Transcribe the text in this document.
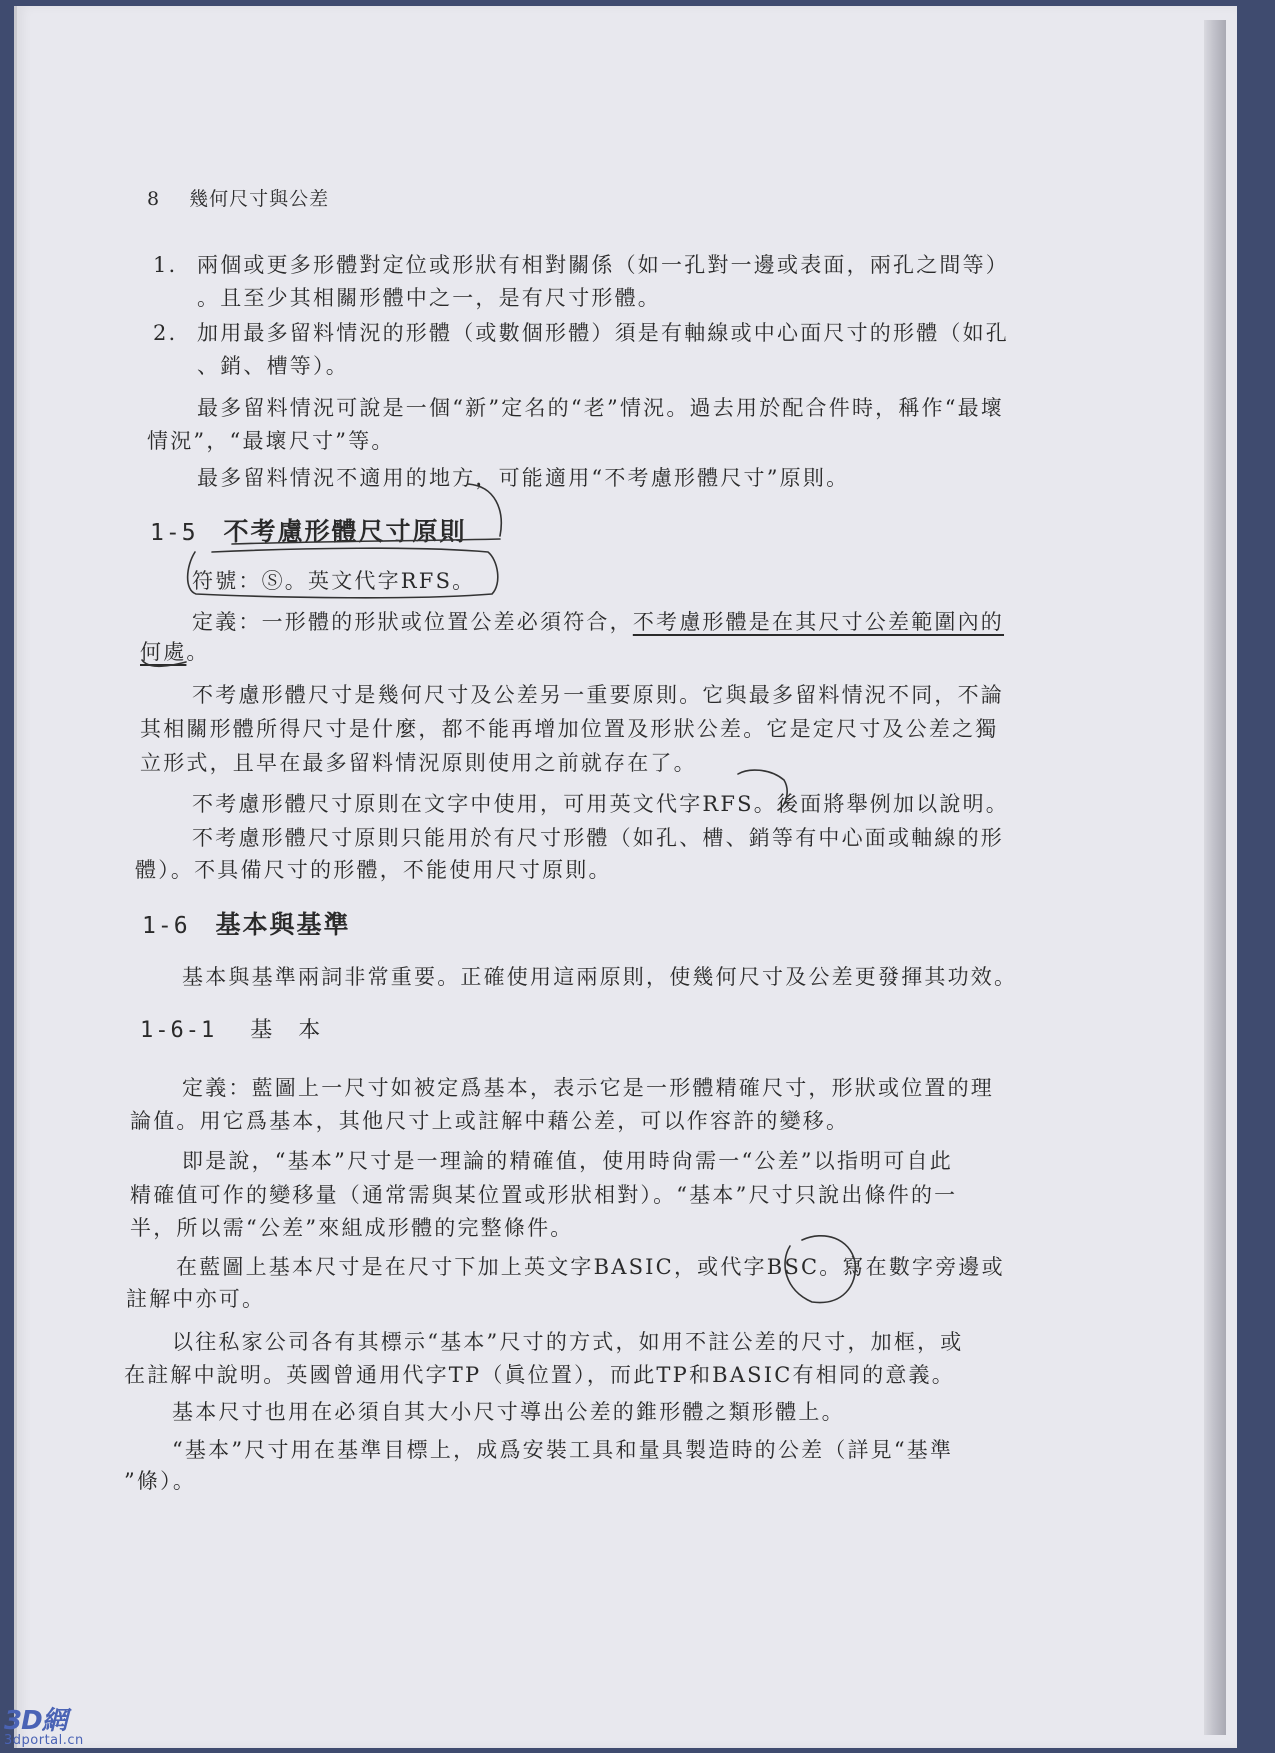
8 幾何尺寸與公差
1. 兩個或更多形體對定位或形狀有相對關係（如一孔對一邊或表面，兩孔之間等）
。且至少其相關形體中之一，是有尺寸形體。
2. 加用最多留料情況的形體（或數個形體）須是有軸線或中心面尺寸的形體（如孔
、銷、槽等）。
最多留料情況可說是一個“新”定名的“老”情況。過去用於配合件時，稱作“最壞
情況”，“最壞尺寸”等。
最多留料情況不適用的地方，可能適用“不考慮形體尺寸”原則。
1-5 不考慮形體尺寸原則
符號：Ⓢ。英文代字RFS。
定義：一形體的形狀或位置公差必須符合，不考慮形體是在其尺寸公差範圍內的
何處。
不考慮形體尺寸是幾何尺寸及公差另一重要原則。它與最多留料情況不同，不論
其相關形體所得尺寸是什麼，都不能再增加位置及形狀公差。它是定尺寸及公差之獨
立形式，且早在最多留料情況原則使用之前就存在了。
不考慮形體尺寸原則在文字中使用，可用英文代字RFS。後面將舉例加以說明。
不考慮形體尺寸原則只能用於有尺寸形體（如孔、槽、銷等有中心面或軸線的形
體）。不具備尺寸的形體，不能使用尺寸原則。
1-6 基本與基準
基本與基準兩詞非常重要。正確使用這兩原則，使幾何尺寸及公差更發揮其功效。
1-6-1 基　本
定義：藍圖上一尺寸如被定爲基本，表示它是一形體精確尺寸，形狀或位置的理
論值。用它爲基本，其他尺寸上或註解中藉公差，可以作容許的變移。
即是說，“基本”尺寸是一理論的精確值，使用時尙需一“公差”以指明可自此
精確值可作的變移量（通常需與某位置或形狀相對）。“基本”尺寸只說出條件的一
半，所以需“公差”來組成形體的完整條件。
在藍圖上基本尺寸是在尺寸下加上英文字BASIC，或代字BSC。寫在數字旁邊或
註解中亦可。
以往私家公司各有其標示“基本”尺寸的方式，如用不註公差的尺寸，加框，或
在註解中說明。英國曾通用代字TP（眞位置），而此TP和BASIC有相同的意義。
基本尺寸也用在必須自其大小尺寸導出公差的錐形體之類形體上。
“基本”尺寸用在基準目標上，成爲安裝工具和量具製造時的公差（詳見“基準
”條）。
3D網
3dportal.cn
